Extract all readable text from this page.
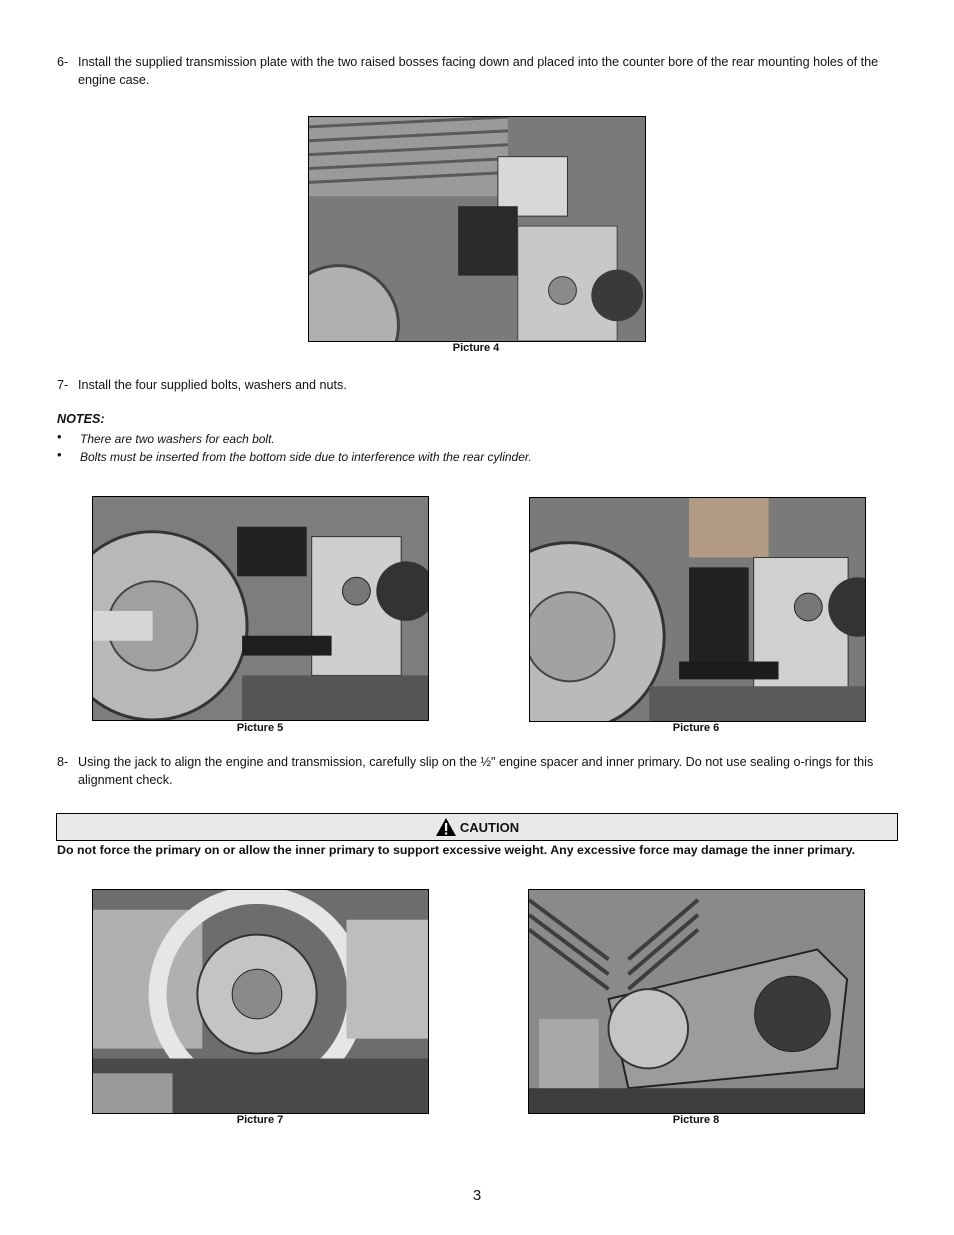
6- Install the supplied transmission plate with the two raised bosses facing down and placed into the counter bore of the rear mounting holes of the engine case.
Picture 4
7- Install the four supplied bolts, washers and nuts.
NOTES:
• There are two washers for each bolt.
• Bolts must be inserted from the bottom side due to interference with the rear cylinder.
Picture 5	Picture 6
8- Using the jack to align the engine and transmission, carefully slip on the ½" engine spacer and inner primary. Do not use sealing o-rings for this alignment check.
CAUTION
Do not force the primary on or allow the inner primary to support excessive weight. Any excessive force may damage the inner primary.
Picture 7	Picture 8
3
